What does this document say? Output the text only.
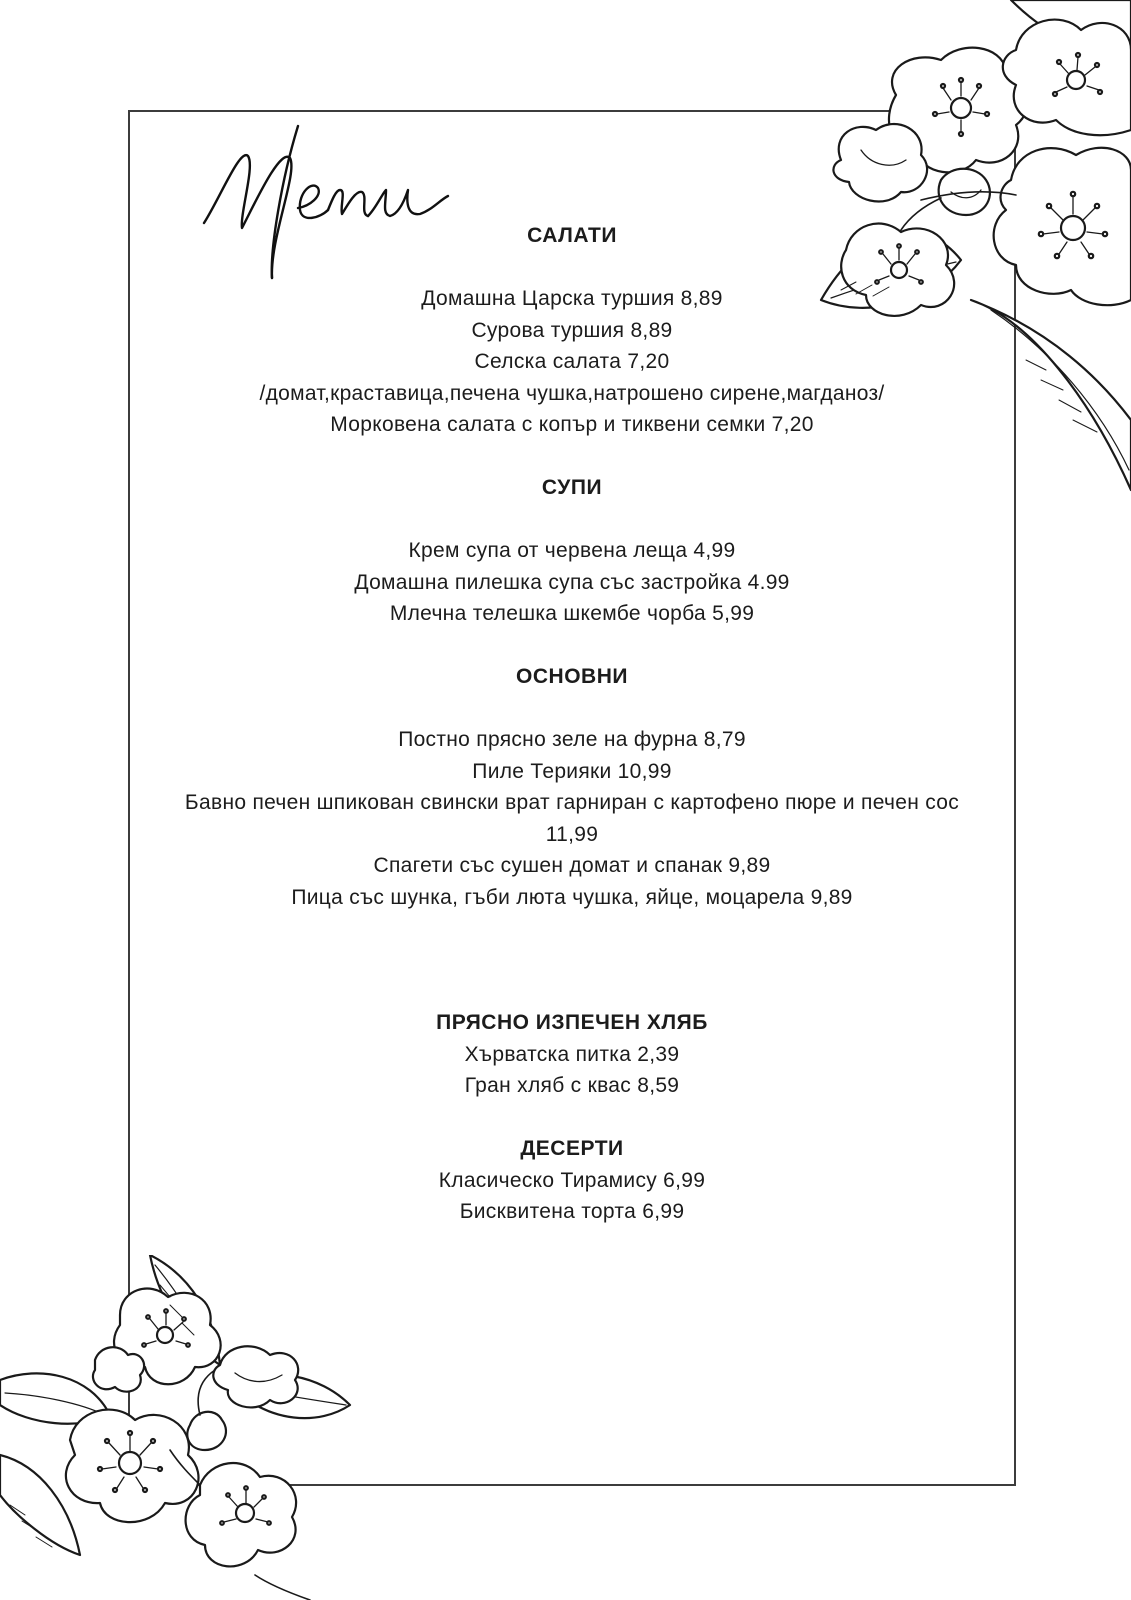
САЛАТИ
Домашна Царска туршия 8,89
Сурова туршия 8,89
Селска салата 7,20
/домат,краставица,печена чушка,натрошено сирене,магданоз/
Морковена салата с копър и тиквени семки 7,20
СУПИ
Крем супа от червена леща 4,99
Домашна пилешка супа със застройка 4.99
Млечна телешка шкембе чорба 5,99
ОСНОВНИ
Постно прясно зеле на фурна 8,79
Пиле Терияки 10,99
Бавно печен шпикован свински врат гарниран с картофено пюре и печен сос
11,99
Спагети със сушен домат и спанак 9,89
Пица със шунка, гъби люта чушка, яйце, моцарела 9,89
ПРЯСНО ИЗПЕЧЕН ХЛЯБ
Хърватска питка 2,39
Гран хляб с квас 8,59
ДЕСЕРТИ
Класическо Тирамису 6,99
Бисквитена торта 6,99
